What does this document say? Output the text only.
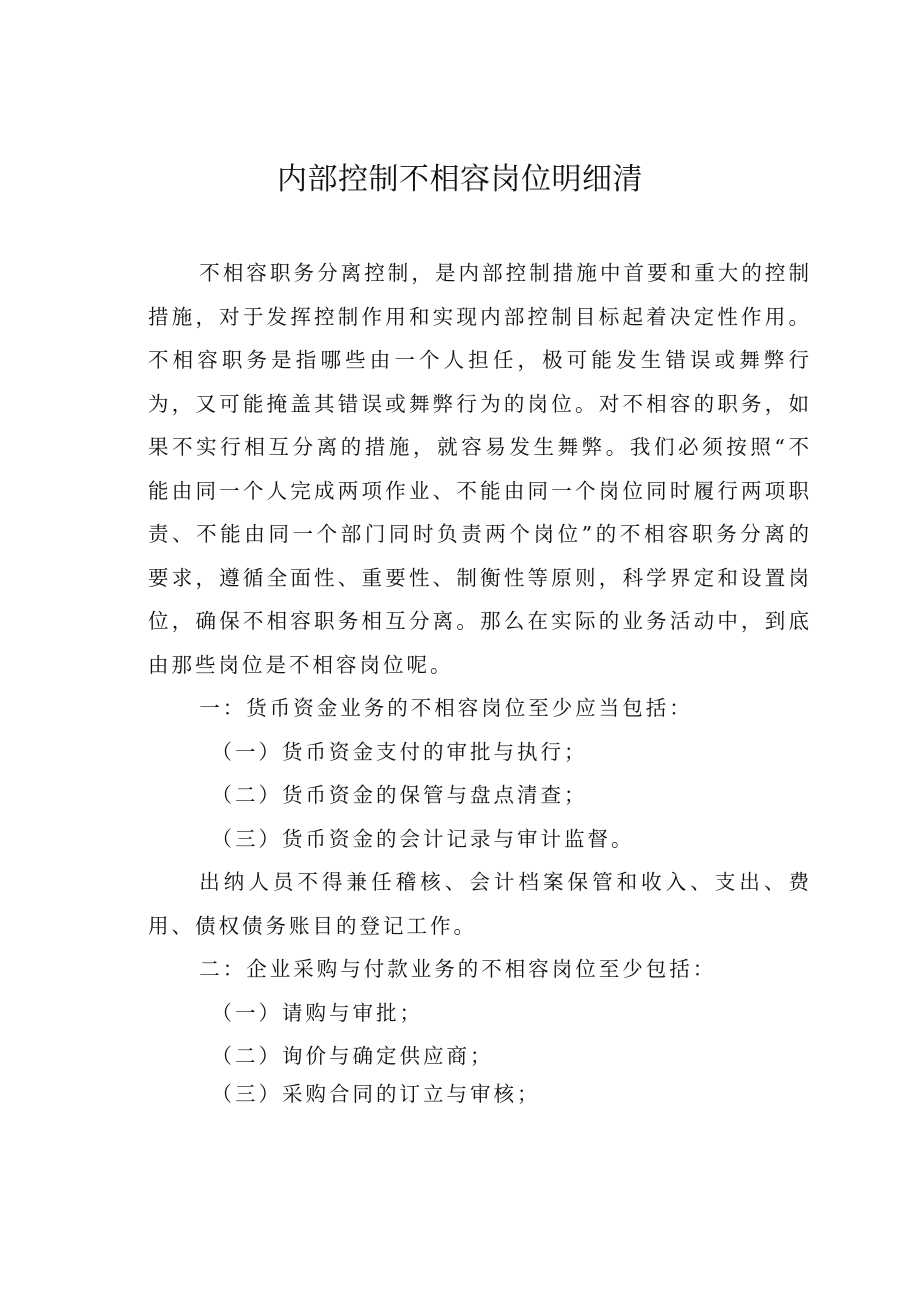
内部控制不相容岗位明细清

不相容职务分离控制，是内部控制措施中首要和重大的控制措施，对于发挥控制作用和实现内部控制目标起着决定性作用。不相容职务是指哪些由一个人担任，极可能发生错误或舞弊行为，又可能掩盖其错误或舞弊行为的岗位。对不相容的职务，如果不实行相互分离的措施，就容易发生舞弊。我们必须按照“不能由同一个人完成两项作业、不能由同一个岗位同时履行两项职责、不能由同一个部门同时负责两个岗位”的不相容职务分离的要求，遵循全面性、重要性、制衡性等原则，科学界定和设置岗位，确保不相容职务相互分离。那么在实际的业务活动中，到底由那些岗位是不相容岗位呢。

一：货币资金业务的不相容岗位至少应当包括：

（一）货币资金支付的审批与执行；

（二）货币资金的保管与盘点清查；

（三）货币资金的会计记录与审计监督。

出纳人员不得兼任稽核、会计档案保管和收入、支出、费用、债权债务账目的登记工作。

二：企业采购与付款业务的不相容岗位至少包括：

（一）请购与审批；

（二）询价与确定供应商；

（三）采购合同的订立与审核；
